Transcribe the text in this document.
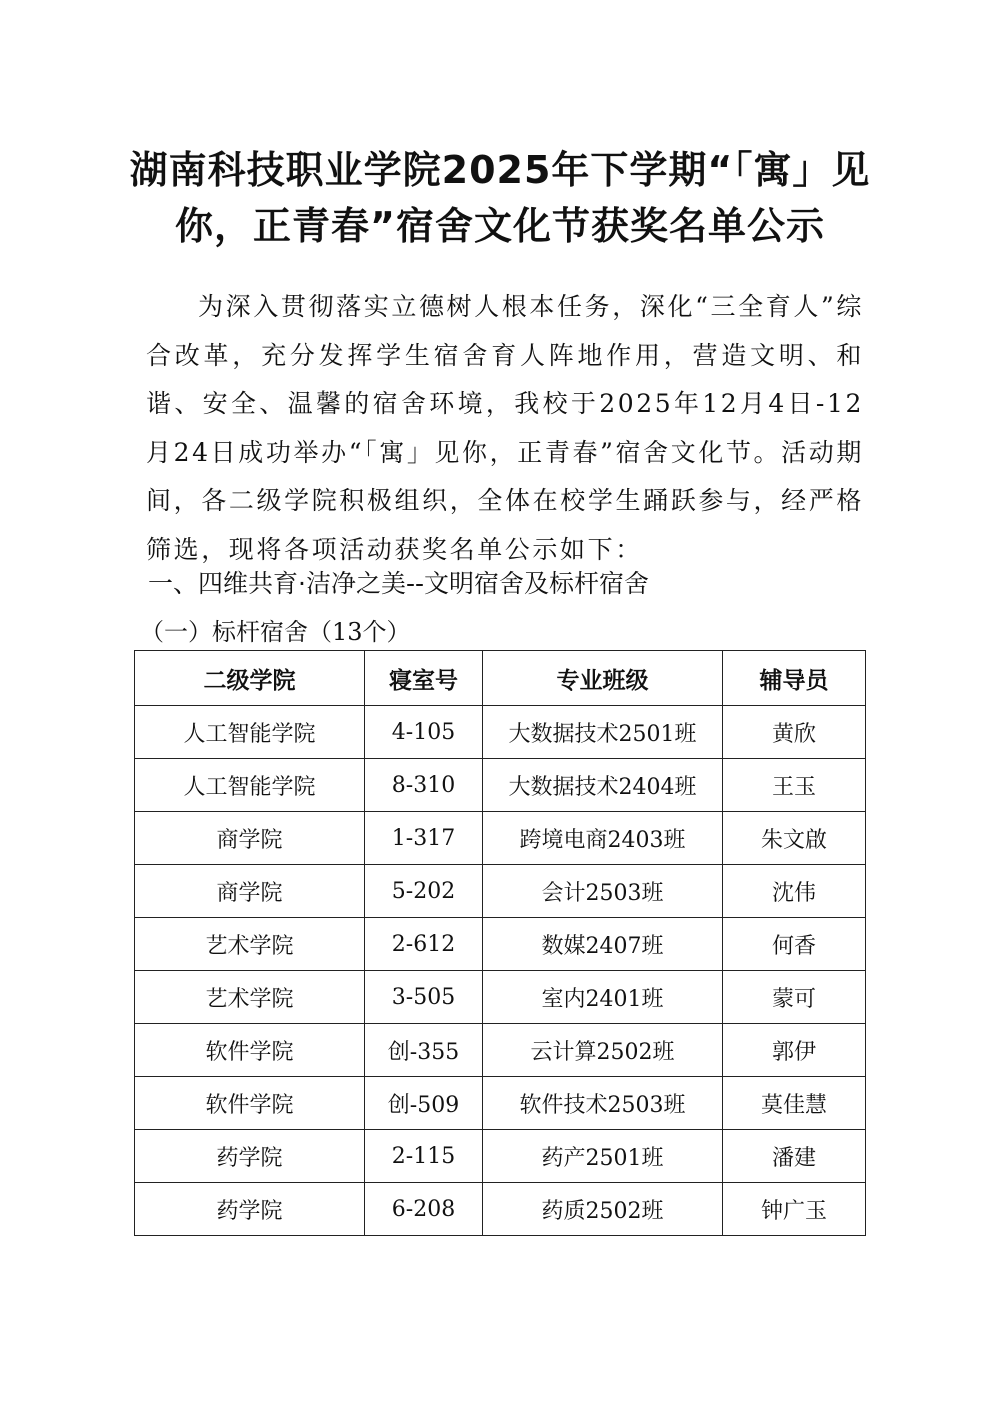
湖南科技职业学院2025年下学期“「寓」见
你，正青春”宿舍文化节获奖名单公示

为深入贯彻落实立德树人根本任务，深化“三全育人”综合改革，充分发挥学生宿舍育人阵地作用，营造文明、和谐、安全、温馨的宿舍环境，我校于2025年12月4日-12月24日成功举办“「寓」见你，正青春”宿舍文化节。活动期间，各二级学院积极组织，全体在校学生踊跃参与，经严格筛选，现将各项活动获奖名单公示如下：

一、四维共育·洁净之美--文明宿舍及标杆宿舍
（一）标杆宿舍（13个）
二级学院	寝室号	专业班级	辅导员
人工智能学院	4-105	大数据技术2501班	黄欣
人工智能学院	8-310	大数据技术2404班	王玉
商学院	1-317	跨境电商2403班	朱文啟
商学院	5-202	会计2503班	沈伟
艺术学院	2-612	数媒2407班	何香
艺术学院	3-505	室内2401班	蒙可
软件学院	创-355	云计算2502班	郭伊
软件学院	创-509	软件技术2503班	莫佳慧
药学院	2-115	药产2501班	潘建
药学院	6-208	药质2502班	钟广玉
